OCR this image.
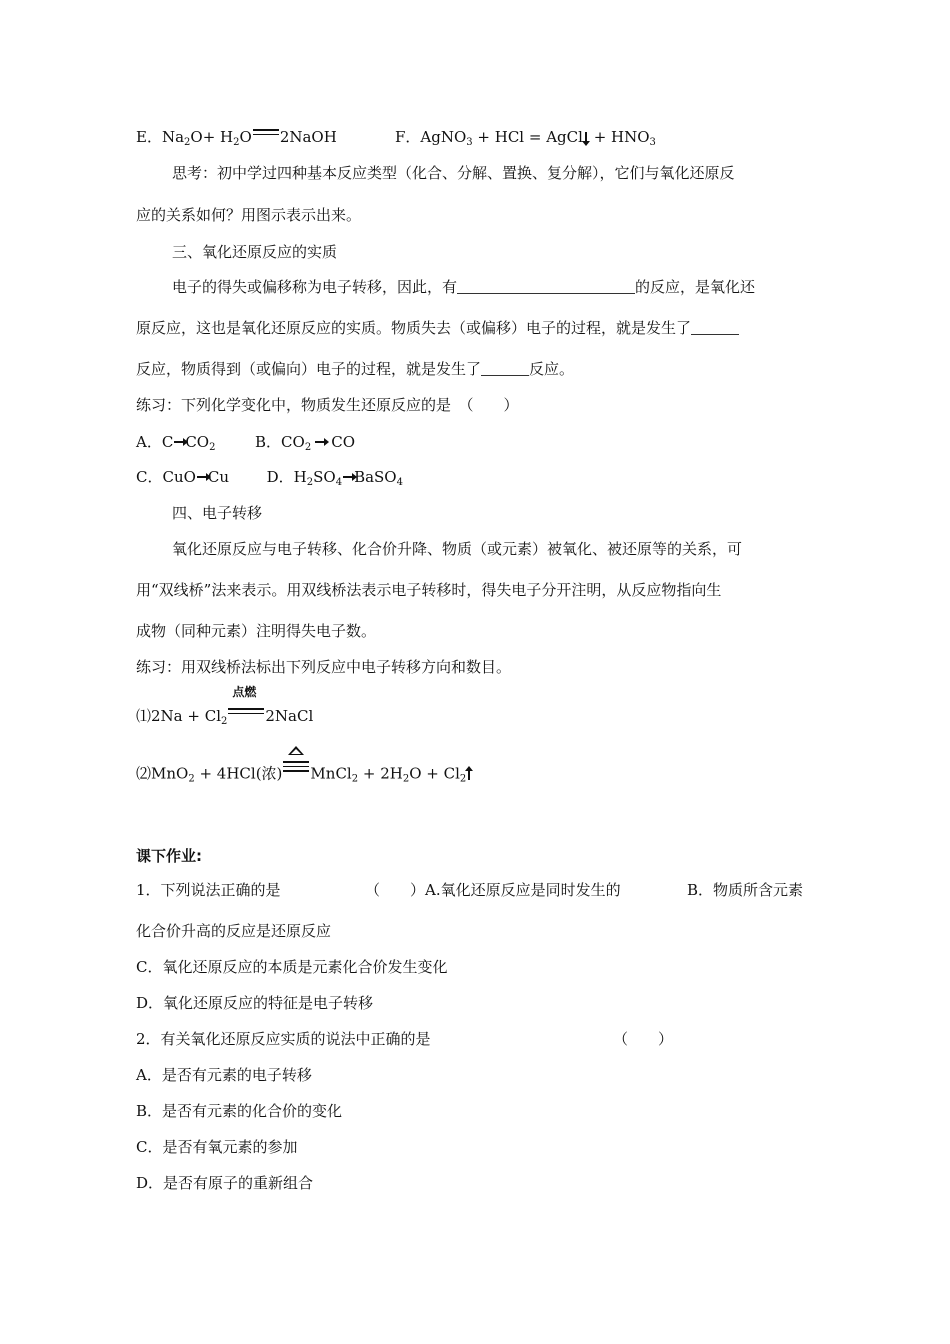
E．$Na_2O+ H_2O$ 2NaOH	F．AgNO$_3$ + HCl = AgCl + $HNO_3$
思考：初中学过四种基本反应类型（化合、分解、置换、复分解），它们与氧化还原反
应的关系如何？用图示表示出来。
三、氧化还原反应的实质
电子的得失或偏移称为电子转移，因此，有	的反应，是氧化还
原反应，这也是氧化还原反应的实质。物质失去（或偏移）电子的过程，就是发生了
反应，物质得到（或偏向）电子的过程，就是发生了	反应。
练习：下列化学变化中，物质发生还原反应的是　（　　）
A．C $CO_2$	B．$CO_2$ CO
C．CuO Cu	D．$H_2SO_4$ BaSO$_4$
四、电子转移
氧化还原反应与电子转移、化合价升降、物质（或元素）被氧化、被还原等的关系，可
用“双线桥”法来表示。用双线桥法表示电子转移时，得失电子分开注明，从反应物指向生
成物（同种元素）注明得失电子数。
练习：用双线桥法标出下列反应中电子转移方向和数目。
⑴2Na + $Cl_2$
点燃
2NaCl
⑵MnO$_2$ + 4HCl(浓) MnCl$_2$ + $2H_2O + Cl_2$
课下作业:
1．下列说法正确的是	（　　）A.氧化还原反应是同时发生的	B．物质所含元素
化合价升高的反应是还原反应
C．氧化还原反应的本质是元素化合价发生变化
D．氧化还原反应的特征是电子转移
2．有关氧化还原反应实质的说法中正确的是	（　　）
A．是否有元素的电子转移
B．是否有元素的化合价的变化
C．是否有氧元素的参加
D．是否有原子的重新组合
